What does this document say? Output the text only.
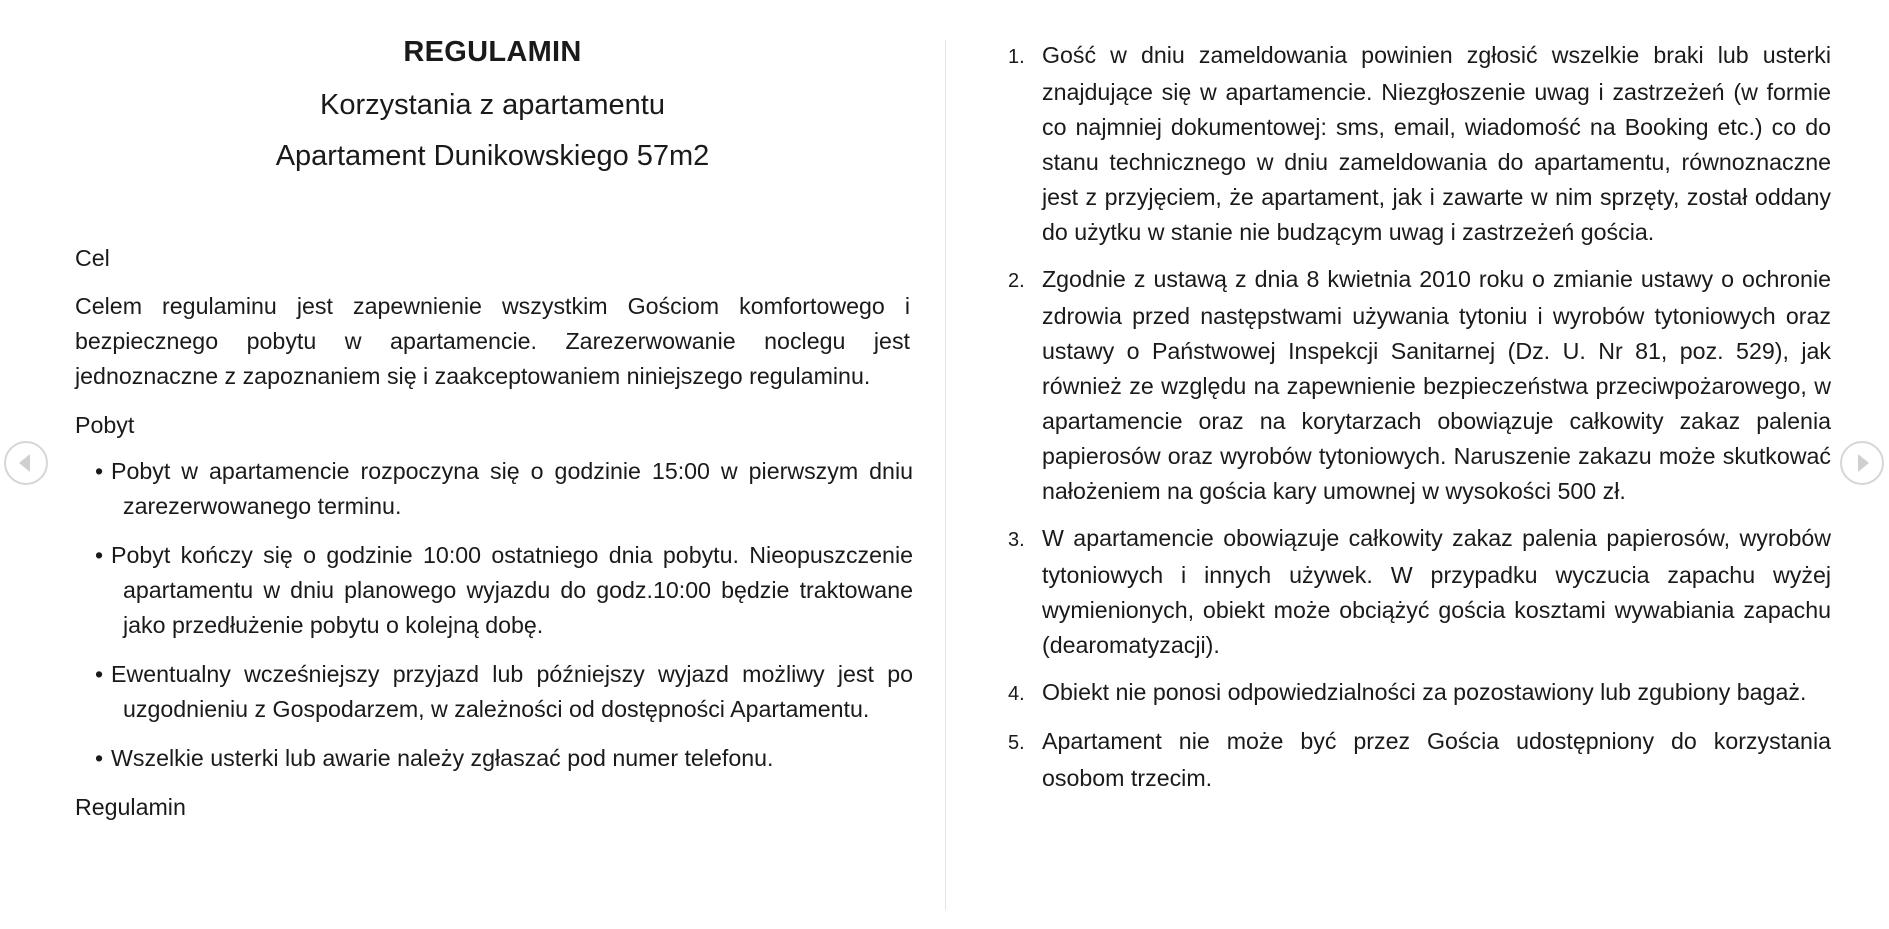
REGULAMIN
Korzystania z apartamentu
Apartament Dunikowskiego 57m2
Cel

Celem regulaminu jest zapewnienie wszystkim Gościom komfortowego i bezpiecznego pobytu w apartamencie. Zarezerwowanie noclegu jest jednoznaczne z zapoznaniem się i zaakceptowaniem niniejszego regulaminu.

Pobyt
• Pobyt w apartamencie rozpoczyna się o godzinie 15:00 w pierwszym dniu zarezerwowanego terminu.
• Pobyt kończy się o godzinie 10:00 ostatniego dnia pobytu. Nieopuszczenie apartamentu w dniu planowego wyjazdu do godz.10:00 będzie traktowane jako przedłużenie pobytu o kolejną dobę.
• Ewentualny wcześniejszy przyjazd lub późniejszy wyjazd możliwy jest po uzgodnieniu z Gospodarzem, w zależności od dostępności Apartamentu.
• Wszelkie usterki lub awarie należy zgłaszać pod numer telefonu.
Regulamin
1. Gość w dniu zameldowania powinien zgłosić wszelkie braki lub usterki znajdujące się w apartamencie. Niezgłoszenie uwag i zastrzeżeń (w formie co najmniej dokumentowej: sms, email, wiadomość na Booking etc.) co do stanu technicznego w dniu zameldowania do apartamentu, równoznaczne jest z przyjęciem, że apartament, jak i zawarte w nim sprzęty, został oddany do użytku w stanie nie budzącym uwag i zastrzeżeń gościa.
2. Zgodnie z ustawą z dnia 8 kwietnia 2010 roku o zmianie ustawy o ochronie zdrowia przed następstwami używania tytoniu i wyrobów tytoniowych oraz ustawy o Państwowej Inspekcji Sanitarnej (Dz. U. Nr 81, poz. 529), jak również ze względu na zapewnienie bezpieczeństwa przeciwpożarowego, w apartamencie oraz na korytarzach obowiązuje całkowity zakaz palenia papierosów oraz wyrobów tytoniowych. Naruszenie zakazu może skutkować nałożeniem na gościa kary umownej w wysokości 500 zł.
3. W apartamencie obowiązuje całkowity zakaz palenia papierosów, wyrobów tytoniowych i innych używek. W przypadku wyczucia zapachu wyżej wymienionych, obiekt może obciążyć gościa kosztami wywabiania zapachu (dearomatyzacji).
4. Obiekt nie ponosi odpowiedzialności za pozostawiony lub zgubiony bagaż.
5. Apartament nie może być przez Gościa udostępniony do korzystania osobom trzecim.
